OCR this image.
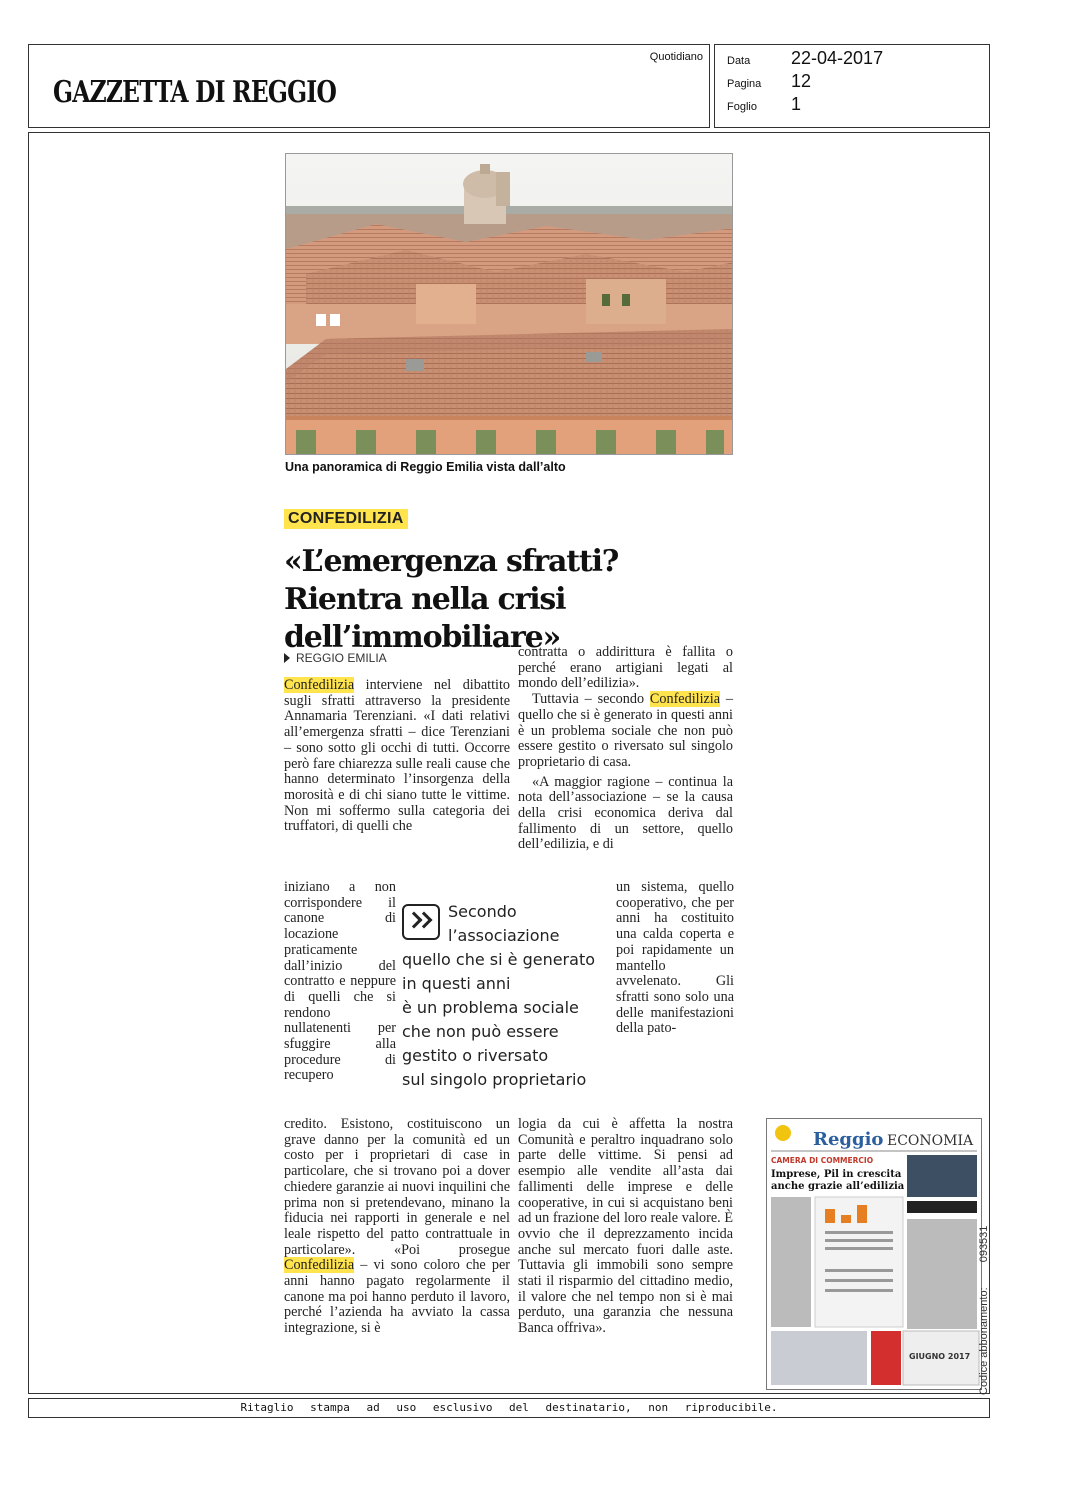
GAZZETTA DI REGGIO
Quotidiano Data 22-04-2017
Pagina 12
Foglio 1
Una panoramica di Reggio Emilia vista dall’alto
CONFEDILIZIA
«L’emergenza sfratti? Rientra nella crisi dell’immobiliare»
REGGIO EMILIA

Confedilizia interviene nel dibattito sugli sfratti attraverso la presidente Annamaria Terenziani. «I dati relativi all’emergenza sfratti – dice Terenziani – sono sotto gli occhi di tutti. Occorre però fare chiarezza sulle reali cause che hanno determinato l’insorgenza della morosità e di chi siano tutte le vittime. Non mi soffermo sulla categoria dei truffatori, di quelli che

iniziano a non corrispondere il canone di locazione praticamente dall’inizio del contratto e neppure di quelli che si rendono nullatenenti per sfuggire alla procedure di recupero

credito. Esistono, costituiscono un grave danno per la comunità ed un costo per i proprietari di case in particolare, che si trovano poi a dover chiedere garanzie ai nuovi inquilini che prima non si pretendevano, minano la fiducia nei rapporti in generale e nel leale rispetto del patto contrattuale in particolare». «Poi prosegue Confedilizia – vi sono coloro che per anni hanno pagato regolarmente il canone ma poi hanno perduto il lavoro, perché l’azienda ha avviato la cassa integrazione, si è

contratta o addirittura è fallita o perché erano artigiani legati al mondo dell’edilizia».

Tuttavia – secondo Confedilizia – quello che si è generato in questi anni è un problema sociale che non può essere gestito o riversato sul singolo proprietario di casa.

«A maggior ragione – continua la nota dell’associazione – se la causa della crisi economica deriva dal fallimento di un settore, quello dell’edilizia, e di

un sistema, quello cooperativo, che per anni ha costituito una calda coperta e poi rapidamente un mantello avvelenato. Gli sfratti sono solo una delle manifestazioni della pato-

logia da cui è affetta la nostra Comunità e peraltro inquadrano solo parte delle vittime. Si pensi ad esempio alle vendite all’asta dai fallimenti delle imprese e delle cooperative, in cui si acquistano beni ad un frazione del loro reale valore. È ovvio che il deprezzamento incida anche sul mercato fuori dalle aste. Tuttavia gli immobili sono sempre stati il risparmio del cittadino medio, il valore che nel tempo non si è mai perduto, una garanzia che nessuna Banca offriva».

Secondo
l’associazione
quello che si è generato
in questi anni
è un problema sociale
che non può essere
gestito o riversato
sul singolo proprietario
Reggio ECONOMIA
CAMERA DI COMMERCIO
Imprese, Pil in crescita
anche grazie all’edilizia
GIUGNO 2017
Ritaglio stampa ad uso esclusivo del destinatario, non riproducibile.
Codice abbonamento: 093531
